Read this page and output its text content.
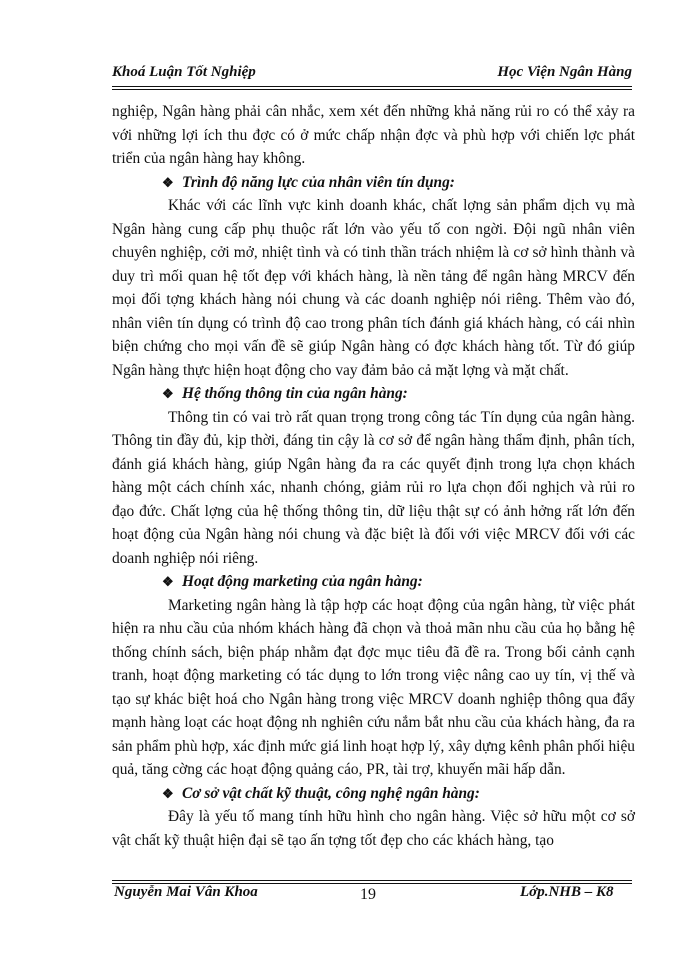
Khoá Luận Tốt Nghiệp	Học Viện Ngân Hàng

nghiệp, Ngân hàng phải cân nhắc, xem xét đến những khả năng rủi ro có thể xảy ra với những lợi ích thu đợc có ở mức chấp nhận đợc và phù hợp với chiến lợc phát triển của ngân hàng hay không.

❖ Trình độ năng lực của nhân viên tín dụng:

Khác với các lĩnh vực kinh doanh khác, chất lợng sản phẩm dịch vụ mà Ngân hàng cung cấp phụ thuộc rất lớn vào yếu tố con ngời. Đội ngũ nhân viên chuyên nghiệp, cởi mở, nhiệt tình và có tinh thần trách nhiệm là cơ sở hình thành và duy trì mối quan hệ tốt đẹp với khách hàng, là nền tảng để ngân hàng MRCV đến mọi đối tợng khách hàng nói chung và các doanh nghiệp nói riêng. Thêm vào đó, nhân viên tín dụng có trình độ cao trong phân tích đánh giá khách hàng, có cái nhìn biện chứng cho mọi vấn đề sẽ giúp Ngân hàng có đợc khách hàng tốt. Từ đó giúp Ngân hàng thực hiện hoạt động cho vay đảm bảo cả mặt lợng và mặt chất.

❖ Hệ thống thông tin của ngân hàng:

Thông tin có vai trò rất quan trọng trong công tác Tín dụng của ngân hàng. Thông tin đầy đủ, kịp thời, đáng tin cậy là cơ sở để ngân hàng thẩm định, phân tích, đánh giá khách hàng, giúp Ngân hàng đa ra các quyết định trong lựa chọn khách hàng một cách chính xác, nhanh chóng, giảm rủi ro lựa chọn đối nghịch và rủi ro đạo đức. Chất lợng của hệ thống thông tin, dữ liệu thật sự có ảnh hởng rất lớn đến hoạt động của Ngân hàng nói chung và đặc biệt là đối với việc MRCV đối với các doanh nghiệp nói riêng.

❖ Hoạt động marketing của ngân hàng:

Marketing ngân hàng là tập hợp các hoạt động của ngân hàng, từ việc phát hiện ra nhu cầu của nhóm khách hàng đã chọn và thoả mãn nhu cầu của họ bằng hệ thống chính sách, biện pháp nhằm đạt đợc mục tiêu đã đề ra. Trong bối cảnh cạnh tranh, hoạt động marketing có tác dụng to lớn trong việc nâng cao uy tín, vị thế và tạo sự khác biệt hoá cho Ngân hàng trong việc MRCV doanh nghiệp thông qua đẩy mạnh hàng loạt các hoạt động nh nghiên cứu nắm bắt nhu cầu của khách hàng, đa ra sản phẩm phù hợp, xác định mức giá linh hoạt hợp lý, xây dựng kênh phân phối hiệu quả, tăng cờng các hoạt động quảng cáo, PR, tài trợ, khuyến mãi hấp dẫn.

❖ Cơ sở vật chất kỹ thuật, công nghệ ngân hàng:

Đây là yếu tố mang tính hữu hình cho ngân hàng. Việc sở hữu một cơ sở vật chất kỹ thuật hiện đại sẽ tạo ấn tợng tốt đẹp cho các khách hàng, tạo

Nguyễn Mai Vân Khoa	19	Lớp.NHB – K8
